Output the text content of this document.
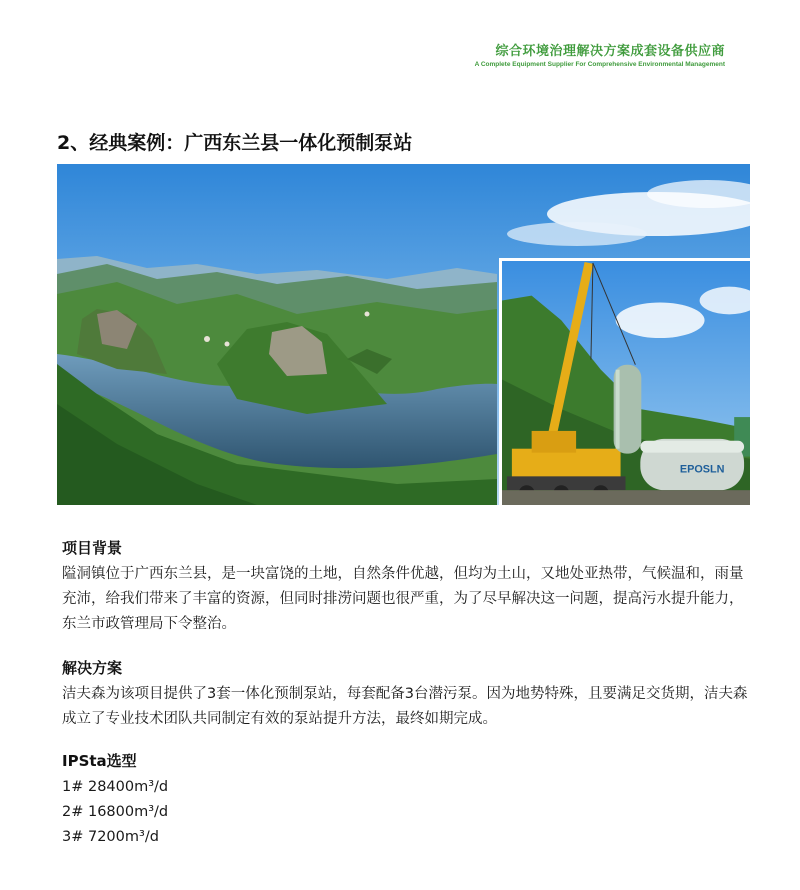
综合环境治理解决方案成套设备供应商
A Complete Equipment Supplier For Comprehensive Environmental Management
2、经典案例：广西东兰县一体化预制泵站
EPOSLN
项目背景
隘洞镇位于广西东兰县，是一块富饶的土地，自然条件优越，但均为土山，又地处亚热带，气候温和，雨量充沛，给我们带来了丰富的资源，但同时排涝问题也很严重，为了尽早解决这一问题，提高污水提升能力，东兰市政管理局下令整治。
解决方案
洁夫森为该项目提供了3套一体化预制泵站，每套配备3台潜污泵。因为地势特殊，且要满足交货期，洁夫森成立了专业技术团队共同制定有效的泵站提升方法，最终如期完成。
IPSta选型
1# 28400m³/d
2# 16800m³/d
3# 7200m³/d
